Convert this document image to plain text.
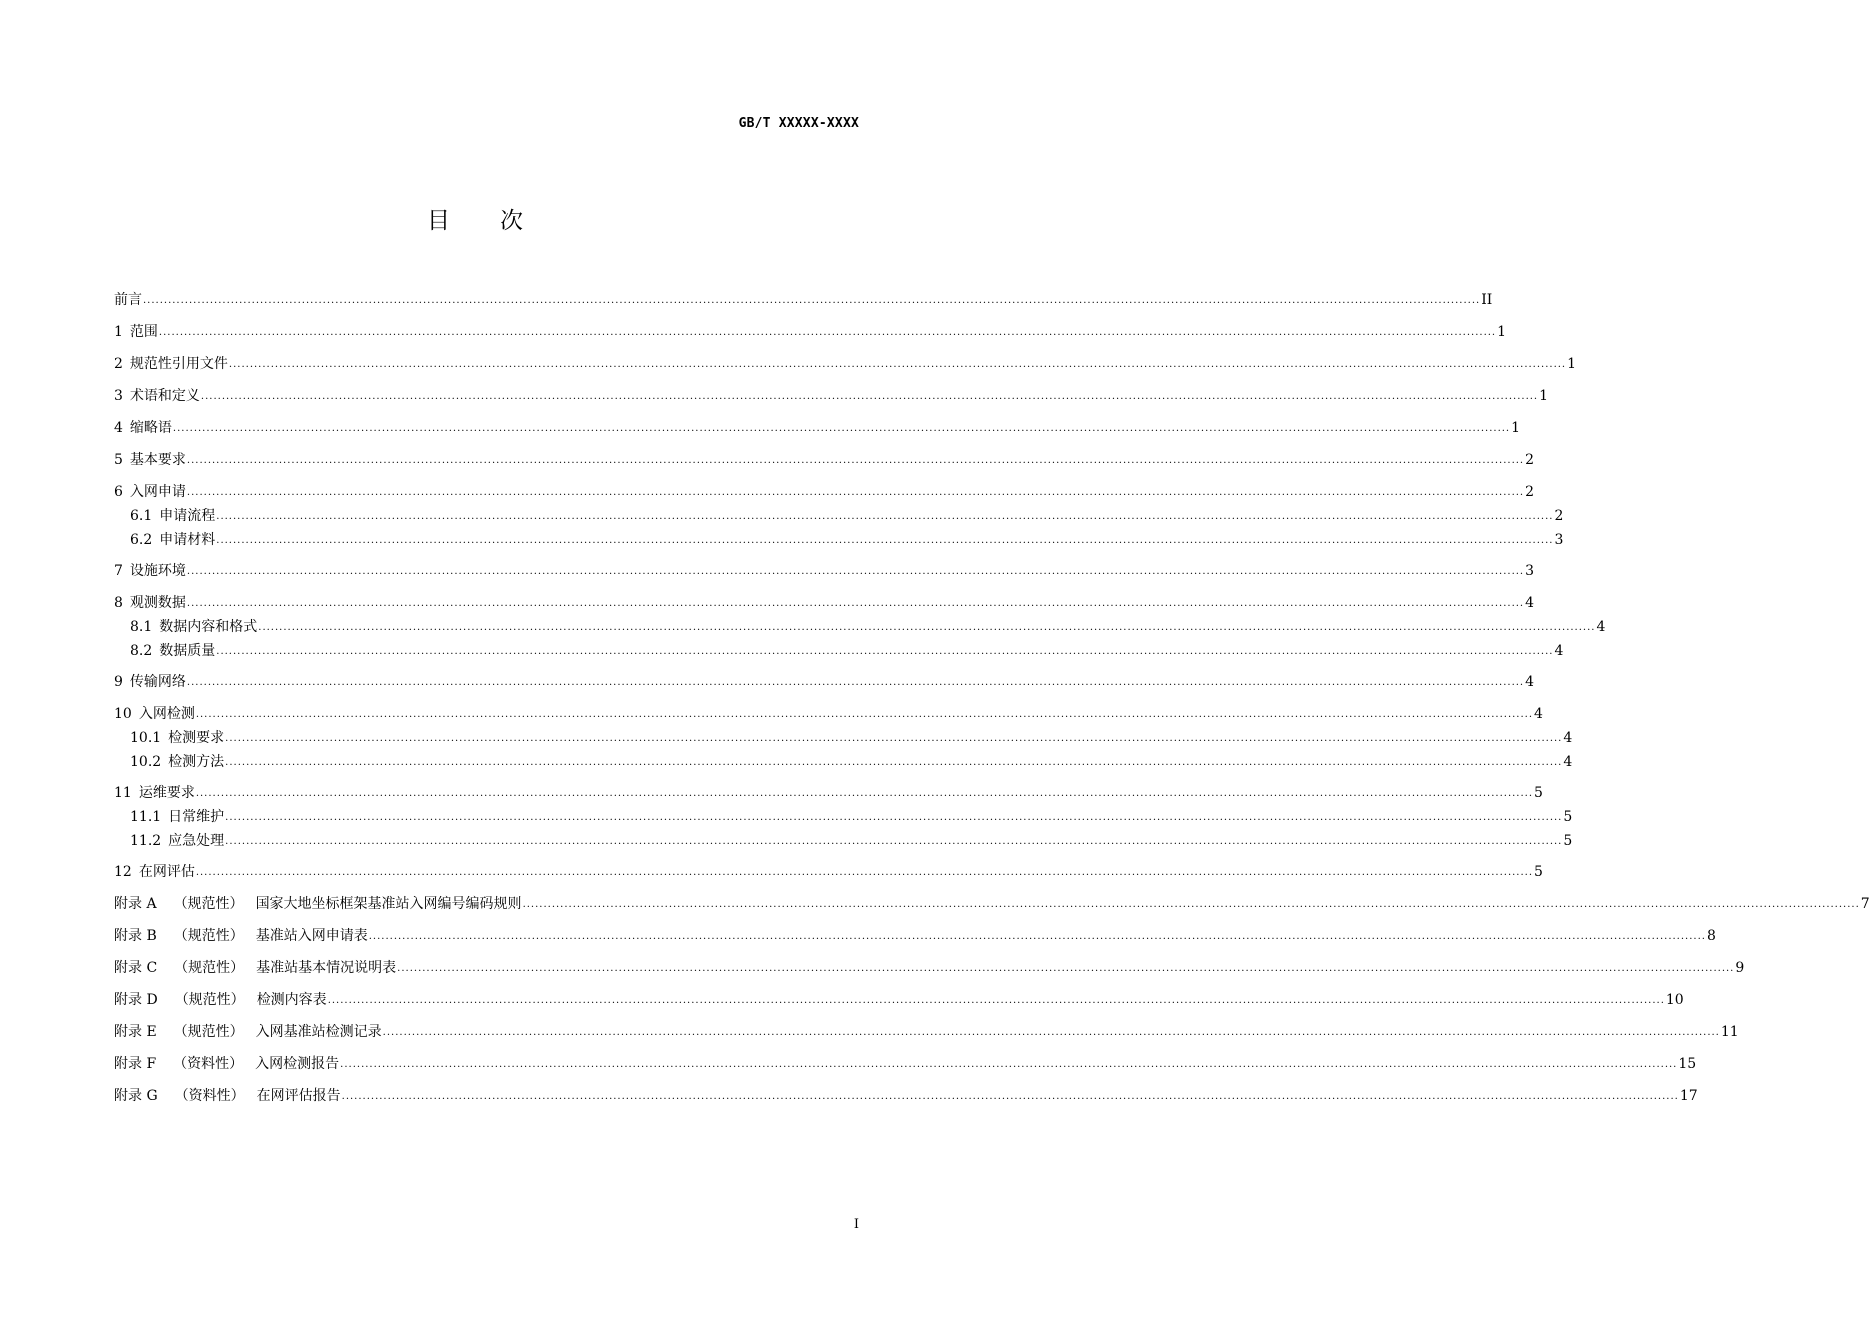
GB/T XXXXX-XXXX
目次
前言 ................................................................................................................................................................................................................................................................................................................................ II
1 范围 ................................................................................................................................................................................................................................................................................................................................ 1
2 规范性引用文件 ................................................................................................................................................................................................................................................................................................................................ 1
3 术语和定义 ................................................................................................................................................................................................................................................................................................................................ 1
4 缩略语 ................................................................................................................................................................................................................................................................................................................................ 1
5 基本要求 ................................................................................................................................................................................................................................................................................................................................ 2
6 入网申请 ................................................................................................................................................................................................................................................................................................................................ 2
6.1 申请流程 ................................................................................................................................................................................................................................................................................................................................ 2
6.2 申请材料 ................................................................................................................................................................................................................................................................................................................................ 3
7 设施环境 ................................................................................................................................................................................................................................................................................................................................ 3
8 观测数据 ................................................................................................................................................................................................................................................................................................................................ 4
8.1 数据内容和格式 ................................................................................................................................................................................................................................................................................................................................ 4
8.2 数据质量 ................................................................................................................................................................................................................................................................................................................................ 4
9 传输网络 ................................................................................................................................................................................................................................................................................................................................ 4
10 入网检测 ................................................................................................................................................................................................................................................................................................................................ 4
10.1 检测要求 ................................................................................................................................................................................................................................................................................................................................ 4
10.2 检测方法 ................................................................................................................................................................................................................................................................................................................................ 4
11 运维要求 ................................................................................................................................................................................................................................................................................................................................ 5
11.1 日常维护 ................................................................................................................................................................................................................................................................................................................................ 5
11.2 应急处理 ................................................................................................................................................................................................................................................................................................................................ 5
12 在网评估 ................................................................................................................................................................................................................................................................................................................................ 5
附录 A （规范性） 国家大地坐标框架基准站入网编号编码规则 ................................................................................................................................................................................................................................................................................................................................ 7
附录 B （规范性） 基准站入网申请表 ................................................................................................................................................................................................................................................................................................................................ 8
附录 C （规范性） 基准站基本情况说明表 ................................................................................................................................................................................................................................................................................................................................ 9
附录 D （规范性） 检测内容表 ................................................................................................................................................................................................................................................................................................................................ 10
附录 E （规范性） 入网基准站检测记录 ................................................................................................................................................................................................................................................................................................................................ 11
附录 F （资料性） 入网检测报告 ................................................................................................................................................................................................................................................................................................................................ 15
附录 G （资料性） 在网评估报告 ................................................................................................................................................................................................................................................................................................................................ 17
I
